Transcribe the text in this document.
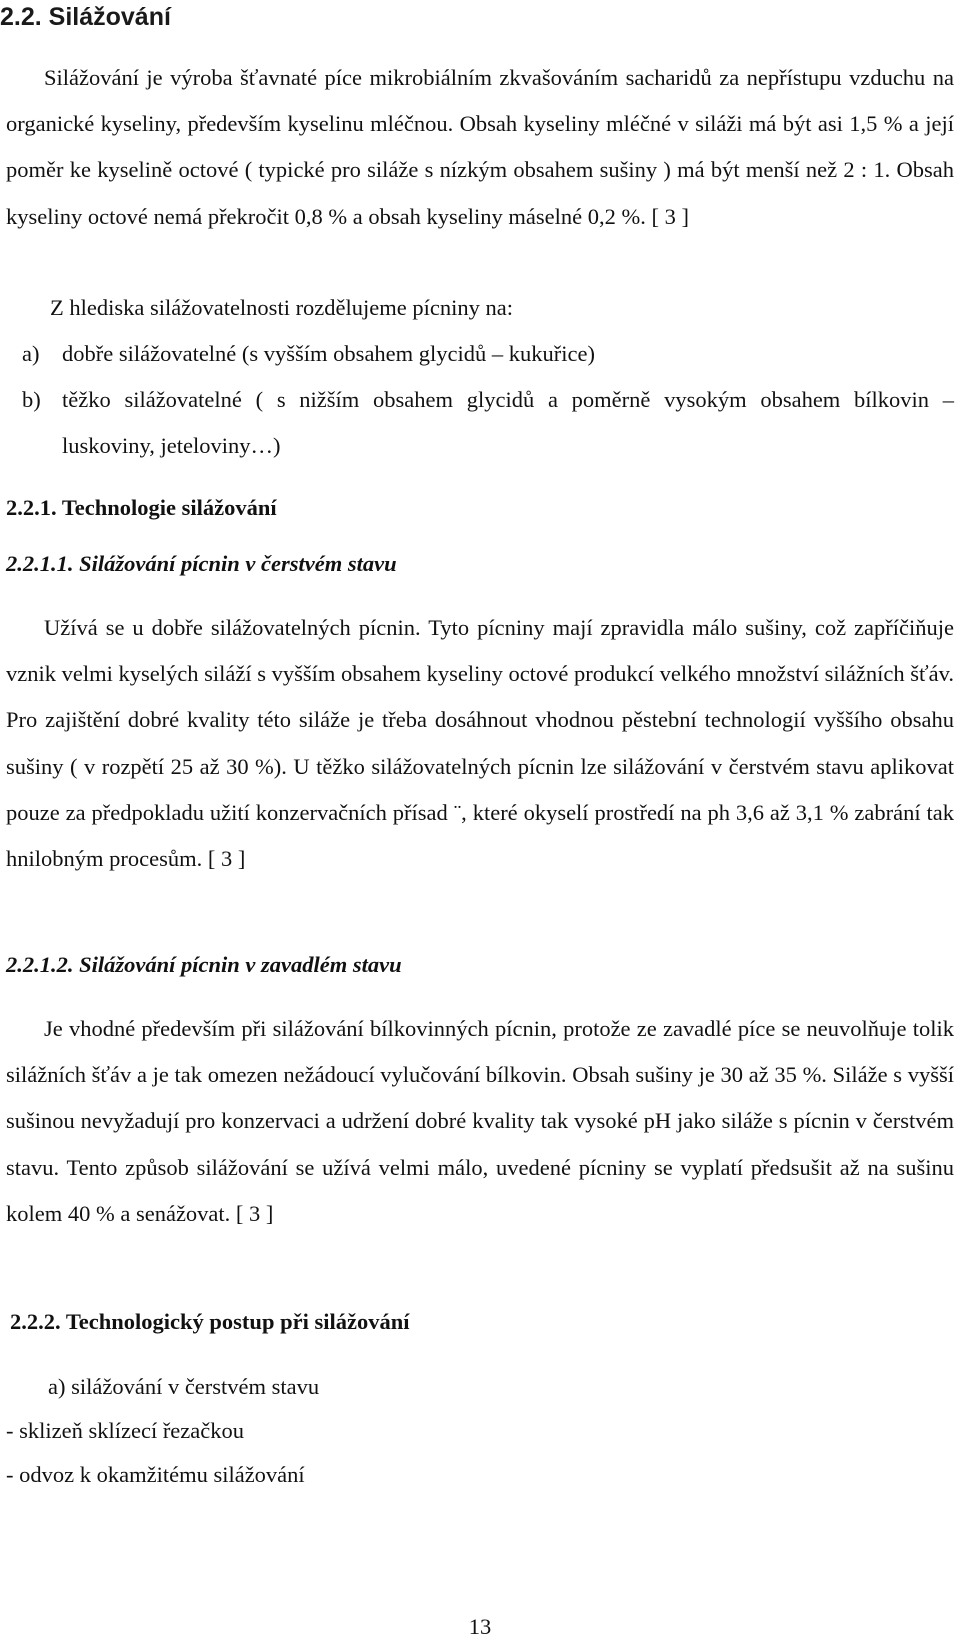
2.2. Silážování

Silážování je výroba šťavnaté píce mikrobiálním zkvašováním sacharidů za nepřístupu vzduchu na organické kyseliny, především kyselinu mléčnou. Obsah kyseliny mléčné v siláži má být asi 1,5 % a její poměr ke kyselině octové ( typické pro siláže s nízkým obsahem sušiny ) má být menší než 2 : 1. Obsah kyseliny octové nemá překročit 0,8 % a obsah kyseliny máselné 0,2 %. [ 3 ]

Z hlediska silážovatelnosti rozdělujeme pícniny na:

a) dobře silážovatelné (s vyšším obsahem glycidů – kukuřice)
b) těžko silážovatelné ( s nižším obsahem glycidů a poměrně vysokým obsahem bílkovin – luskoviny, jeteloviny…)
2.2.1. Technologie silážování
2.2.1.1. Silážování pícnin v čerstvém stavu

Užívá se u dobře silážovatelných pícnin. Tyto pícniny mají zpravidla málo sušiny, což zapříčiňuje vznik velmi kyselých siláží s vyšším obsahem kyseliny octové produkcí velkého množství silážních šťáv. Pro zajištění dobré kvality této siláže je třeba dosáhnout vhodnou pěstební technologií vyššího obsahu sušiny ( v rozpětí 25 až 30 %). U těžko silážovatelných pícnin lze silážování v čerstvém stavu aplikovat pouze za předpokladu užití konzervačních přísad ¨, které okyselí prostředí na ph 3,6 až 3,1 % zabrání tak hnilobným procesům. [ 3 ]

2.2.1.2. Silážování pícnin v zavadlém stavu

Je vhodné především při silážování bílkovinných pícnin, protože ze zavadlé píce se neuvolňuje tolik silážních šťáv a je tak omezen nežádoucí vylučování bílkovin. Obsah sušiny je 30 až 35 %. Siláže s vyšší sušinou nevyžadují pro konzervaci a udržení dobré kvality tak vysoké pH jako siláže s pícnin v čerstvém stavu. Tento způsob silážování se užívá velmi málo, uvedené pícniny se vyplatí předsušit až na sušinu kolem 40 % a senážovat. [ 3 ]

2.2.2. Technologický postup při silážování

a) silážování v čerstvém stavu

- sklizeň sklízecí řezačkou

- odvoz k okamžitému silážování

13
